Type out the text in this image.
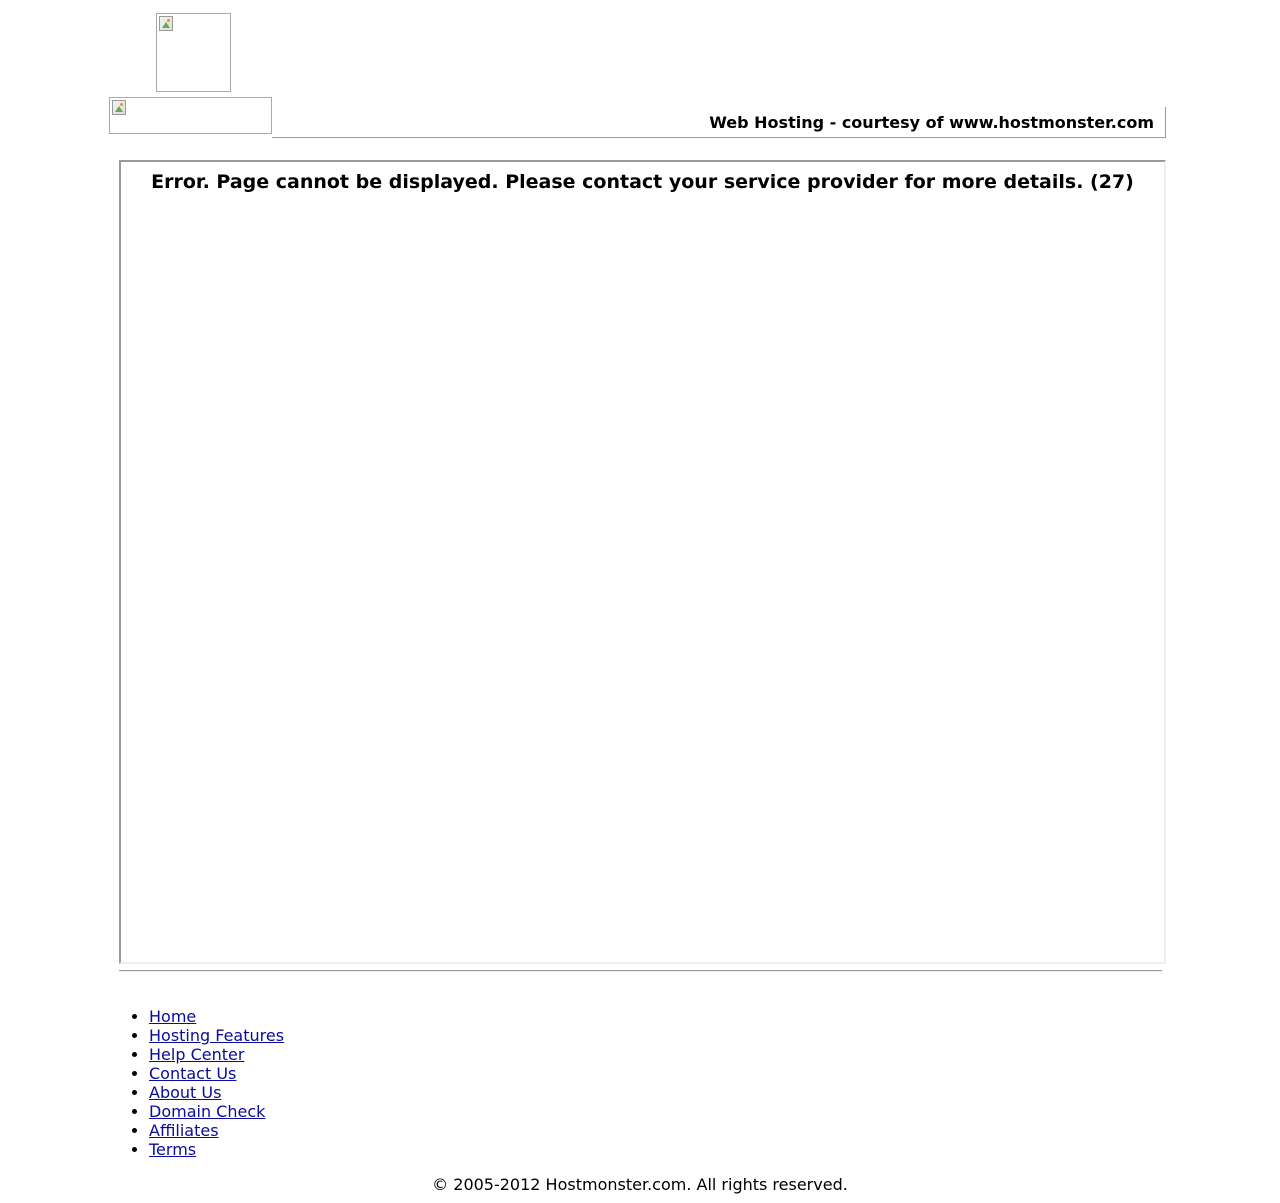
Web Hosting - courtesy of www.hostmonster.com
Error. Page cannot be displayed. Please contact your service provider for more details. (27)
• Home
• Hosting Features
• Help Center
• Contact Us
• About Us
• Domain Check
• Affiliates
• Terms
© 2005-2012 Hostmonster.com. All rights reserved.
